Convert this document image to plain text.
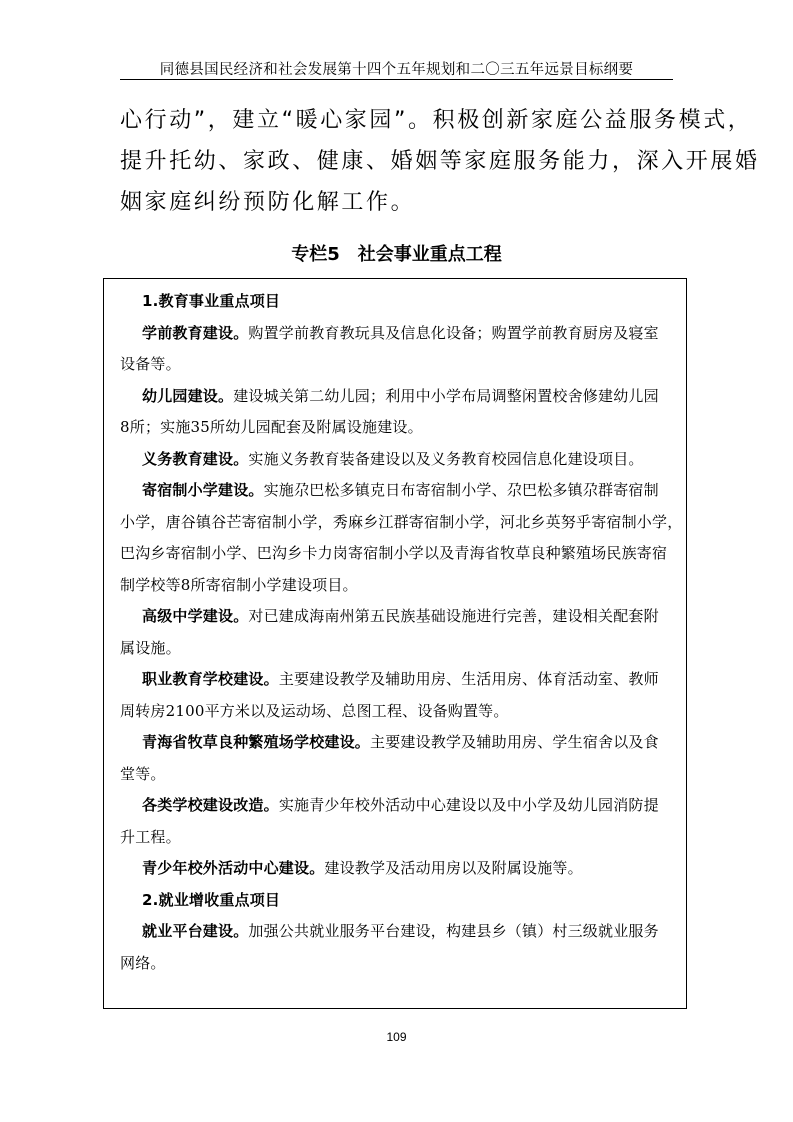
同德县国民经济和社会发展第十四个五年规划和二〇三五年远景目标纲要

心行动”，建立“暖心家园”。积极创新家庭公益服务模式，

提升托幼、家政、健康、婚姻等家庭服务能力，深入开展婚

姻家庭纠纷预防化解工作。

专栏5　社会事业重点工程

1.教育事业重点项目

学前教育建设。购置学前教育教玩具及信息化设备；购置学前教育厨房及寝室

设备等。

幼儿园建设。建设城关第二幼儿园；利用中小学布局调整闲置校舍修建幼儿园

8所；实施35所幼儿园配套及附属设施建设。

义务教育建设。实施义务教育装备建设以及义务教育校园信息化建设项目。

寄宿制小学建设。实施尕巴松多镇克日布寄宿制小学、尕巴松多镇尕群寄宿制

小学，唐谷镇谷芒寄宿制小学，秀麻乡江群寄宿制小学，河北乡英努乎寄宿制小学，

巴沟乡寄宿制小学、巴沟乡卡力岗寄宿制小学以及青海省牧草良种繁殖场民族寄宿

制学校等8所寄宿制小学建设项目。

高级中学建设。对已建成海南州第五民族基础设施进行完善，建设相关配套附

属设施。

职业教育学校建设。主要建设教学及辅助用房、生活用房、体育活动室、教师

周转房2100平方米以及运动场、总图工程、设备购置等。

青海省牧草良种繁殖场学校建设。主要建设教学及辅助用房、学生宿舍以及食

堂等。

各类学校建设改造。实施青少年校外活动中心建设以及中小学及幼儿园消防提

升工程。

青少年校外活动中心建设。建设教学及活动用房以及附属设施等。

2.就业增收重点项目

就业平台建设。加强公共就业服务平台建设，构建县乡（镇）村三级就业服务

网络。

109
